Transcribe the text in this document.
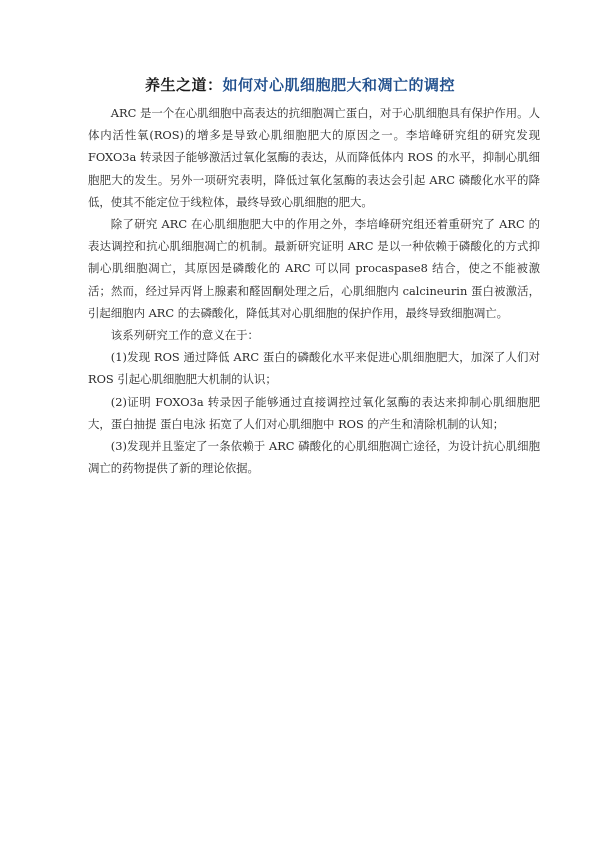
养生之道：如何对心肌细胞肥大和凋亡的调控

ARC 是一个在心肌细胞中高表达的抗细胞凋亡蛋白，对于心肌细胞具有保护作用。人体内活性氧(ROS)的增多是导致心肌细胞肥大的原因之一。李培峰研究组的研究发现 FOXO3a 转录因子能够激活过氧化氢酶的表达，从而降低体内 ROS 的水平，抑制心肌细胞肥大的发生。另外一项研究表明，降低过氧化氢酶的表达会引起 ARC 磷酸化水平的降低，使其不能定位于线粒体，最终导致心肌细胞的肥大。

除了研究 ARC 在心肌细胞肥大中的作用之外，李培峰研究组还着重研究了 ARC 的表达调控和抗心肌细胞凋亡的机制。最新研究证明 ARC 是以一种依赖于磷酸化的方式抑制心肌细胞凋亡，其原因是磷酸化的 ARC 可以同 procaspase8 结合，使之不能被激活；然而，经过异丙肾上腺素和醛固酮处理之后，心肌细胞内 calcineurin 蛋白被激活，引起细胞内 ARC 的去磷酸化，降低其对心肌细胞的保护作用，最终导致细胞凋亡。

该系列研究工作的意义在于：

(1)发现 ROS 通过降低 ARC 蛋白的磷酸化水平来促进心肌细胞肥大，加深了人们对 ROS 引起心肌细胞肥大机制的认识；

(2)证明 FOXO3a 转录因子能够通过直接调控过氧化氢酶的表达来抑制心肌细胞肥大，蛋白抽提 蛋白电泳 拓宽了人们对心肌细胞中 ROS 的产生和清除机制的认知；

(3)发现并且鉴定了一条依赖于 ARC 磷酸化的心肌细胞凋亡途径，为设计抗心肌细胞凋亡的药物提供了新的理论依据。
